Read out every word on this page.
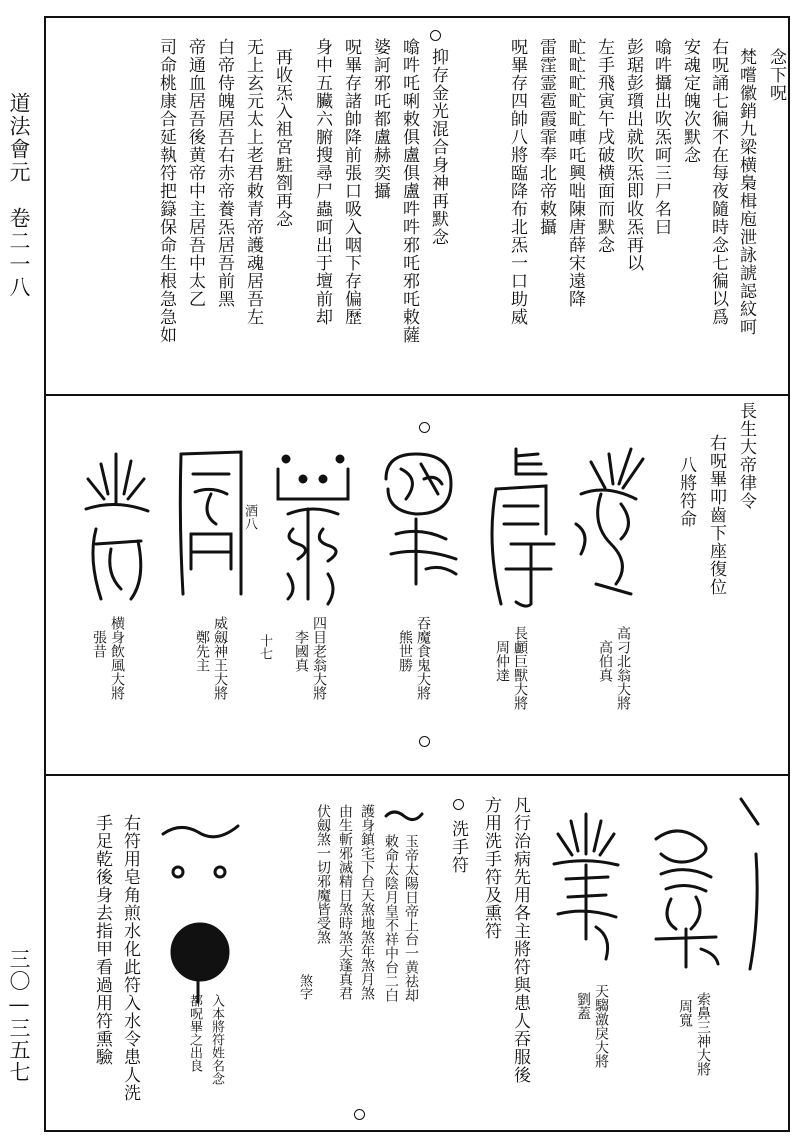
道法會元　卷二一八
三〇—三五七
念下呪
梵嚐徽銷九梁横梟楫庖泄詠諕誋紋呵
右呪誦七徧不在每夜隨時念七徧以爲
安魂定魄次默念
噏吽攝出吹炁呵三尸名曰
彭琚彭瓆出就吹炁即收炁再以
左手飛寅午戌破横面而默念
甿甿甿甿甿唓吒興咄陳唐薛宋遠降
雷霔霊雹霞霏奉北帝敕攝
呪畢存四帥八將臨降布北炁一口助威
抑存金光混合身神再默念
噏吽吒唎敕俱盧俱盧吽吽邪吒邪吒敕薩
婆訶邪吒都盧赫奕攝
呪畢存諸帥降前張口吸入咽下存偏歷
身中五臟六腑搜尋尸蟲呵出于壇前却
再收炁入祖宮駐劄再念
无上玄元太上老君敕青帝護魂居吾左
白帝侍魄居吾右赤帝養炁居吾前黑
帝通血居吾後黄帝中主居吾中太乙
司命桃康合延執符把籙保命生根急急如
長生大帝律令
右呪畢叩齒下座復位
八將符命
酒八
高刁北翁大將
高伯真
長顱巨獸大將
周仲達
吞魔食鬼大將
熊世勝
四目老翁大將
李國真
十七
威劔神王大將
鄭先主
横身飲風大將
張昔
索鼻三神大將
周寬
天騶激戾大將
劉蓋
凡行治病先用各主將符與患人吞服後
方用洗手符及熏符
洗手符
玉帝太陽日帝上台一黄祛却
敕命太陰月皇不祥中台二白
護身鎮宅下台天煞地煞年煞月煞
由生斬邪滅精日煞時煞天蓬真君
伏劔煞一切邪魔皆受煞
煞字
入本將符姓名念
都呪畢之出良
右符用皂角煎水化此符入水令患人洗
手足乾後身去指甲看過用符熏驗
